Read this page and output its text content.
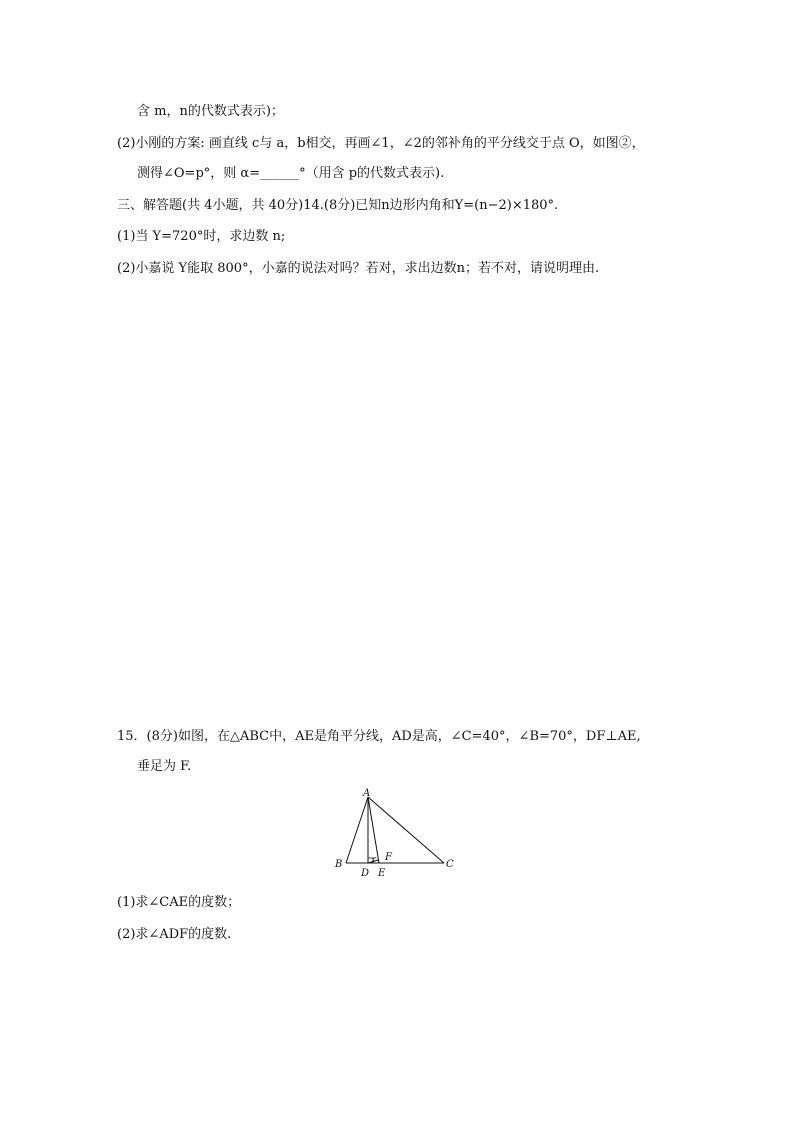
含 m，n的代数式表示)；
(2)小刚的方案: 画直线 c与 a，b相交，再画∠1，∠2的邻补角的平分线交于点 O，如图②，
测得∠O=p°，则 α=______°（用含 p的代数式表示).
三、解答题(共 4小题，共 40分)14.(8分)已知n边形内角和Y=(n−2)×180°.
(1)当 Y=720°时，求边数 n;
(2)小嘉说 Y能取 800°，小嘉的说法对吗？若对，求出边数n；若不对，请说明理由.
15．(8分)如图，在△ABC中，AE是角平分线，AD是高，∠C=40°，∠B=70°，DF⊥AE,
垂足为 F.
A
B	C
D E
F
(1)求∠CAE的度数；
(2)求∠ADF的度数.
